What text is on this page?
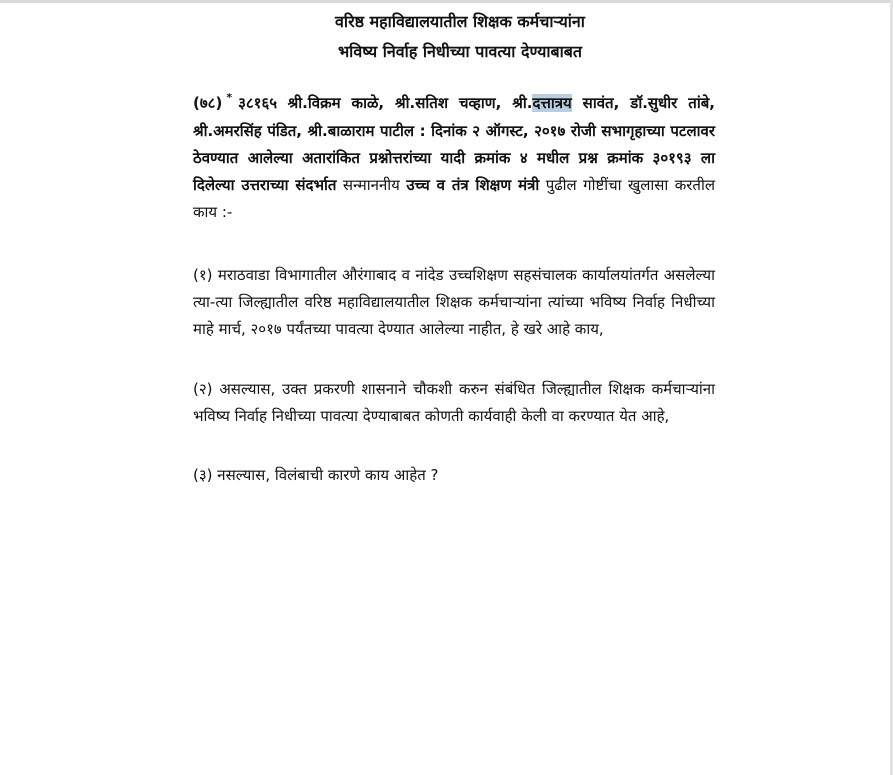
वरिष्ठ महाविद्यालयातील शिक्षक कर्मचाऱ्यांना

भविष्य निर्वाह निधीच्या पावत्या देण्याबाबत

(७८) * ३८१६५ श्री.विक्रम काळे, श्री.सतिश चव्हाण, श्री.दत्तात्रय सावंत, डॉ.सुधीर तांबे, श्री.अमरसिंह पंडित, श्री.बाळाराम पाटील : दिनांक २ ऑगस्ट, २०१७ रोजी सभागृहाच्या पटलावर ठेवण्यात आलेल्या अतारांकित प्रश्नोत्तरांच्या यादी क्रमांक ४ मधील प्रश्न क्रमांक ३०१९३ ला दिलेल्या उत्तराच्या संदर्भात सन्माननीय उच्च व तंत्र शिक्षण मंत्री पुढील गोष्टींचा खुलासा करतील काय :-

(१) मराठवाडा विभागातील औरंगाबाद व नांदेड उच्चशिक्षण सहसंचालक कार्यालयांतर्गत असलेल्या त्या-त्या जिल्ह्यातील वरिष्ठ महाविद्यालयातील शिक्षक कर्मचाऱ्यांना त्यांच्या भविष्य निर्वाह निधीच्या माहे मार्च, २०१७ पर्यंतच्या पावत्या देण्यात आलेल्या नाहीत, हे खरे आहे काय,

(२) असल्यास, उक्त प्रकरणी शासनाने चौकशी करुन संबंधित जिल्ह्यातील शिक्षक कर्मचाऱ्यांना भविष्य निर्वाह निधीच्या पावत्या देण्याबाबत कोणती कार्यवाही केली वा करण्यात येत आहे,

(३) नसल्यास, विलंबाची कारणे काय आहेत ?
